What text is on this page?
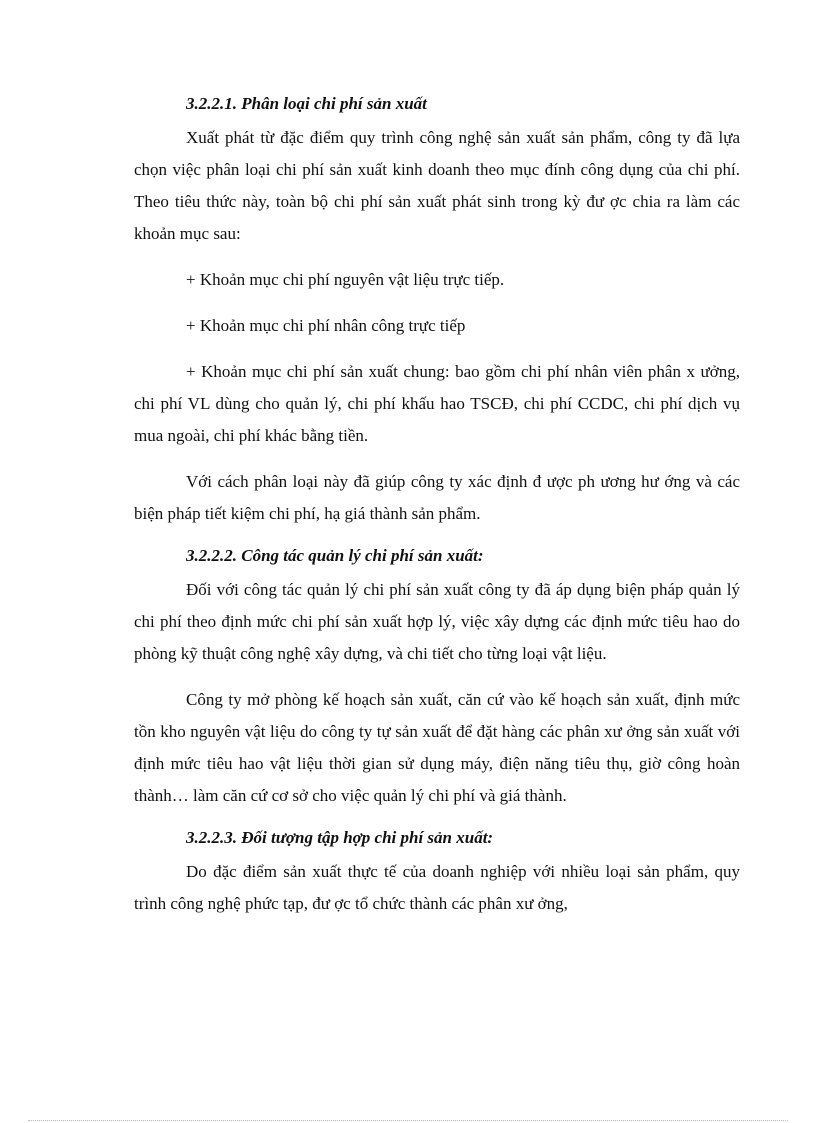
3.2.2.1. Phân loại chi phí sản xuất

Xuất phát từ đặc điểm quy trình công nghệ sản xuất sản phẩm, công ty đã lựa chọn việc phân loại chi phí sản xuất kinh doanh theo mục đính công dụng của chi phí. Theo tiêu thức này, toàn bộ chi phí sản xuất phát sinh trong kỳ đư ợc chia ra làm các khoản mục sau:

+ Khoản mục chi phí nguyên vật liệu trực tiếp.

+ Khoản mục chi phí nhân công trực tiếp

+ Khoản mục chi phí sản xuất chung: bao gồm chi phí nhân viên phân x ưởng, chi phí VL dùng cho quản lý, chi phí khấu hao TSCĐ, chi phí CCDC, chi phí dịch vụ mua ngoài, chi phí khác bằng tiền.

Với cách phân loại này đã giúp công ty xác định đ ược ph ương hư ớng và các biện pháp tiết kiệm chi phí, hạ giá thành sản phẩm.

3.2.2.2. Công tác quản lý chi phí sản xuất:

Đối với công tác quản lý chi phí sản xuất công ty đã áp dụng biện pháp quản lý chi phí theo định mức chi phí sản xuất hợp lý, việc xây dựng các định mức tiêu hao do phòng kỹ thuật công nghệ xây dựng, và chi tiết cho từng loại vật liệu.

Công ty mở phòng kế hoạch sản xuất, căn cứ vào kế hoạch sản xuất, định mức tồn kho nguyên vật liệu do công ty tự sản xuất để đặt hàng các phân xư ởng sản xuất với định mức tiêu hao vật liệu thời gian sử dụng máy, điện năng tiêu thụ, giờ công hoàn thành… làm căn cứ cơ sở cho việc quản lý chi phí và giá thành.

3.2.2.3. Đối tượng tập hợp chi phí sản xuất:

Do đặc điểm sản xuất thực tế của doanh nghiệp với nhiều loại sản phẩm, quy trình công nghệ phức tạp, đư ợc tổ chức thành các phân xư ởng,
